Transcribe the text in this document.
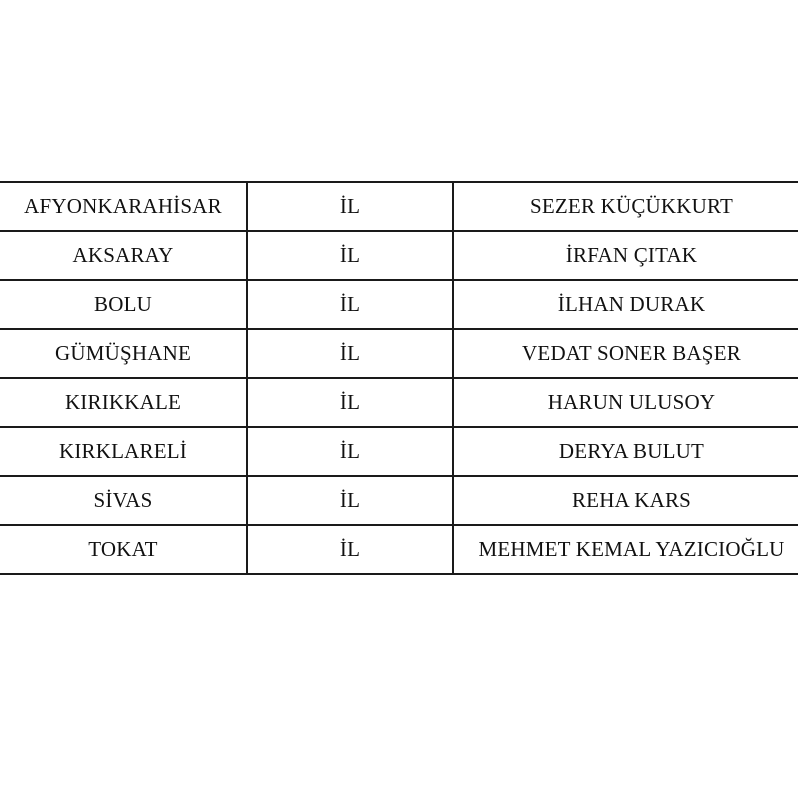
AFYONKARAHİSAR	İL	SEZER KÜÇÜKKURT
AKSARAY	İL	İRFAN ÇITAK
BOLU	İL	İLHAN DURAK
GÜMÜŞHANE	İL	VEDAT SONER BAŞER
KIRIKKALE	İL	HARUN ULUSOY
KIRKLARELİ	İL	DERYA BULUT
SİVAS	İL	REHA KARS
TOKAT	İL	MEHMET KEMAL YAZICIOĞLU
